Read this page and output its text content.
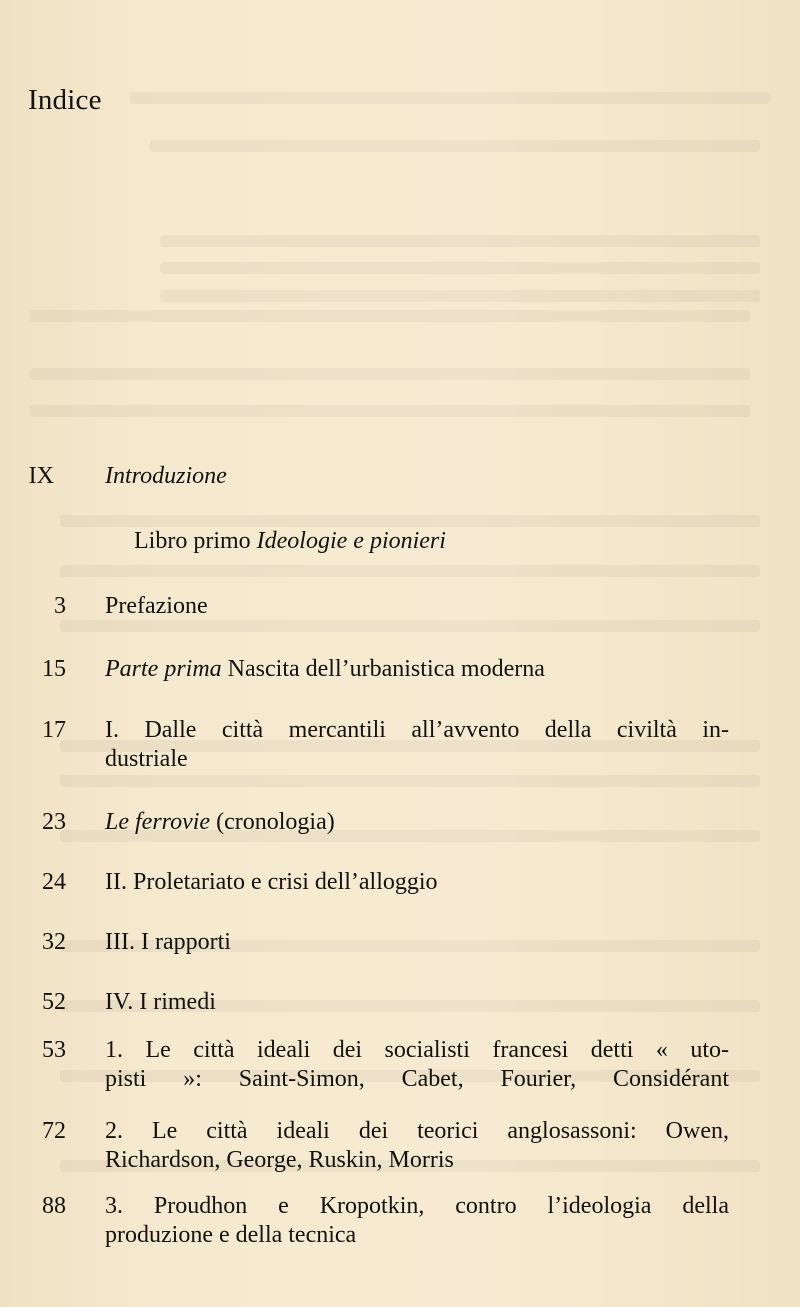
Indice
IX Introduzione
Libro primo Ideologie e pionieri
3 Prefazione
15 Parte prima Nascita dell’urbanistica moderna
17 I. Dalle città mercantili all’avvento della civiltà in-
dustriale
23 Le ferrovie (cronologia)
24 II. Proletariato e crisi dell’alloggio
32 III. I rapporti
52 IV. I rimedi
53 1. Le città ideali dei socialisti francesi detti « uto-
pisti »: Saint-Simon, Cabet, Fourier, Considérant
72 2. Le città ideali dei teorici anglosassoni: Owen,
Richardson, George, Ruskin, Morris
88 3. Proudhon e Kropotkin, contro l’ideologia della
produzione e della tecnica
